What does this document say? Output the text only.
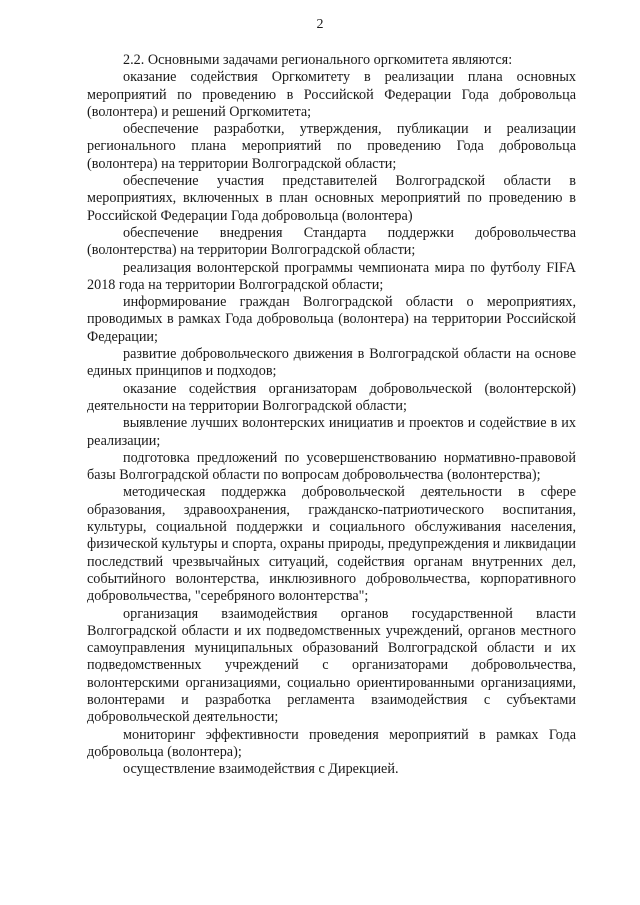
2

2.2. Основными задачами регионального оргкомитета являются:

оказание содействия Оргкомитету в реализации плана основных мероприятий по проведению в Российской Федерации Года добровольца (волонтера) и решений Оргкомитета;

обеспечение разработки, утверждения, публикации и реализации регионального плана мероприятий по проведению Года добровольца (волонтера) на территории Волгоградской области;

обеспечение участия представителей Волгоградской области в мероприятиях, включенных в план основных мероприятий по проведению в Российской Федерации Года добровольца (волонтера)

обеспечение внедрения Стандарта поддержки добровольчества (волонтерства) на территории Волгоградской области;

реализация волонтерской программы чемпионата мира по футболу FIFA 2018 года на территории Волгоградской области;

информирование граждан Волгоградской области о мероприятиях, проводимых в рамках Года добровольца (волонтера) на территории Российской Федерации;

развитие добровольческого движения в Волгоградской области на основе единых принципов и подходов;

оказание содействия организаторам добровольческой (волонтерской) деятельности на территории Волгоградской области;

выявление лучших волонтерских инициатив и проектов и содействие в их реализации;

подготовка предложений по усовершенствованию нормативно-правовой базы Волгоградской области по вопросам добровольчества (волонтерства);

методическая поддержка добровольческой деятельности в сфере образования, здравоохранения, гражданско-патриотического воспитания, культуры, социальной поддержки и социального обслуживания населения, физической культуры и спорта, охраны природы, предупреждения и ликвидации последствий чрезвычайных ситуаций, содействия органам внутренних дел, событийного волонтерства, инклюзивного добровольчества, корпоративного добровольчества, "серебряного волонтерства";

организация взаимодействия органов государственной власти Волгоградской области и их подведомственных учреждений, органов местного самоуправления муниципальных образований Волгоградской области и их подведомственных учреждений с организаторами добровольчества, волонтерскими организациями, социально ориентированными организациями, волонтерами и разработка регламента взаимодействия с субъектами добровольческой деятельности;

мониторинг эффективности проведения мероприятий в рамках Года добровольца (волонтера);

осуществление взаимодействия с Дирекцией.
